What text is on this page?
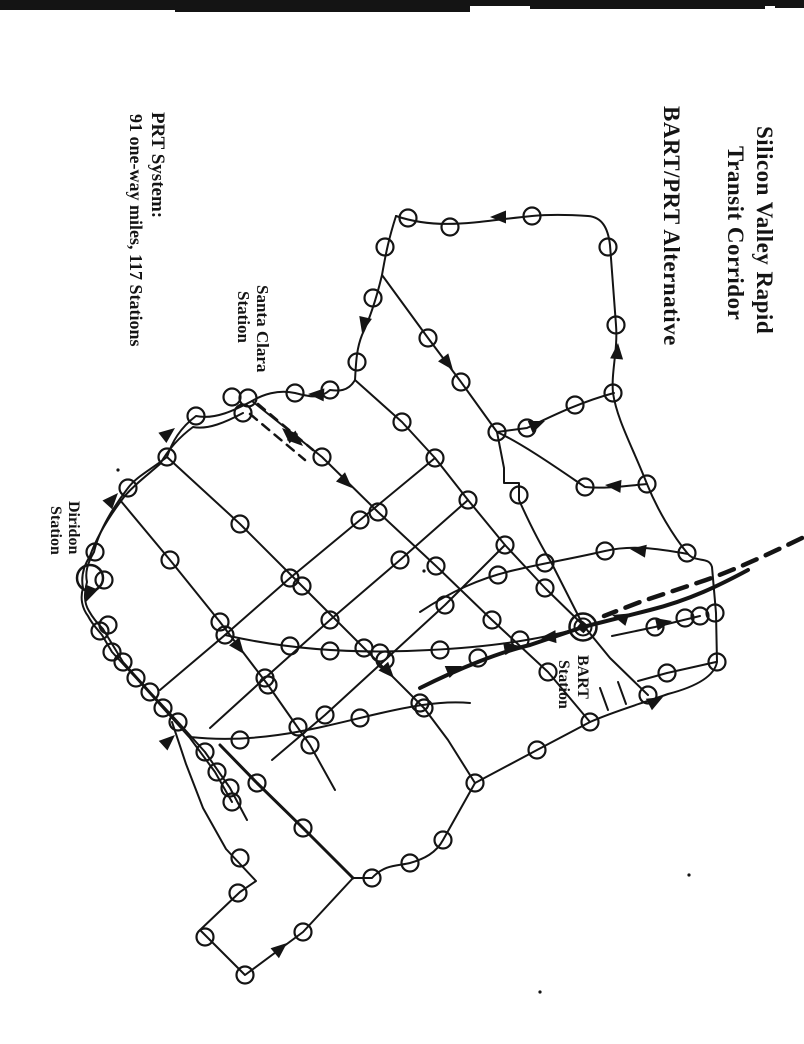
Silicon Valley Rapid
Transit Corridor
BART/PRT Alternative
PRT System:
91 one-way miles, 117 Stations	Santa Clara
Station
Diridon
Station
BART
Station
